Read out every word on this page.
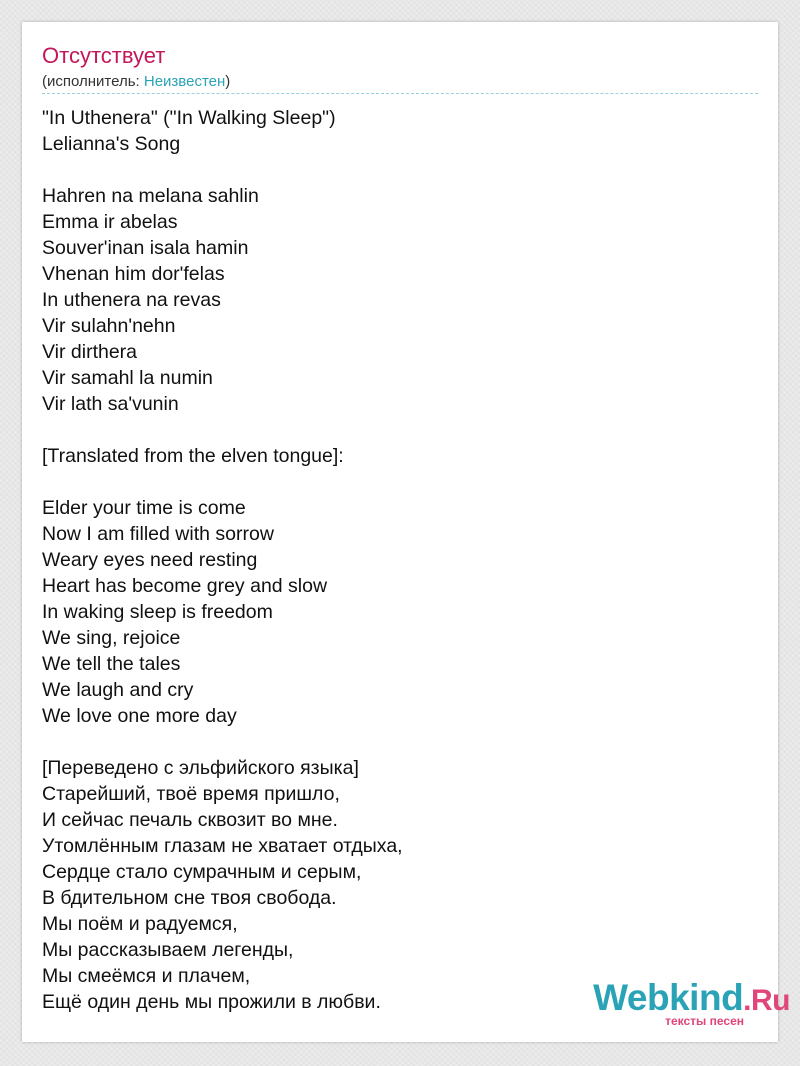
Отсутствует
(исполнитель: Неизвестен)
"In Uthenera" ("In Walking Sleep")
Lelianna's Song
Hahren na melana sahlin
Emma ir abelas
Souver'inan isala hamin
Vhenan him dor'felas
In uthenera na revas
Vir sulahn'nehn
Vir dirthera
Vir samahl la numin
Vir lath sa'vunin
[Translated from the elven tongue]:
Elder your time is come
Now I am filled with sorrow
Weary eyes need resting
Heart has become grey and slow
In waking sleep is freedom
We sing, rejoice
We tell the tales
We laugh and cry
We love one more day
[Переведено с эльфийского языка]
Старейший, твоё время пришло,
И сейчас печаль сквозит во мне.
Утомлённым глазам не хватает отдыха,
Сердце стало сумрачным и серым,
В бдительном сне твоя свобода.
Мы поём и радуемся,
Мы рассказываем легенды,
Мы смеёмся и плачем,
Ещё один день мы прожили в любви.	Webkind.Ru
тексты песен
